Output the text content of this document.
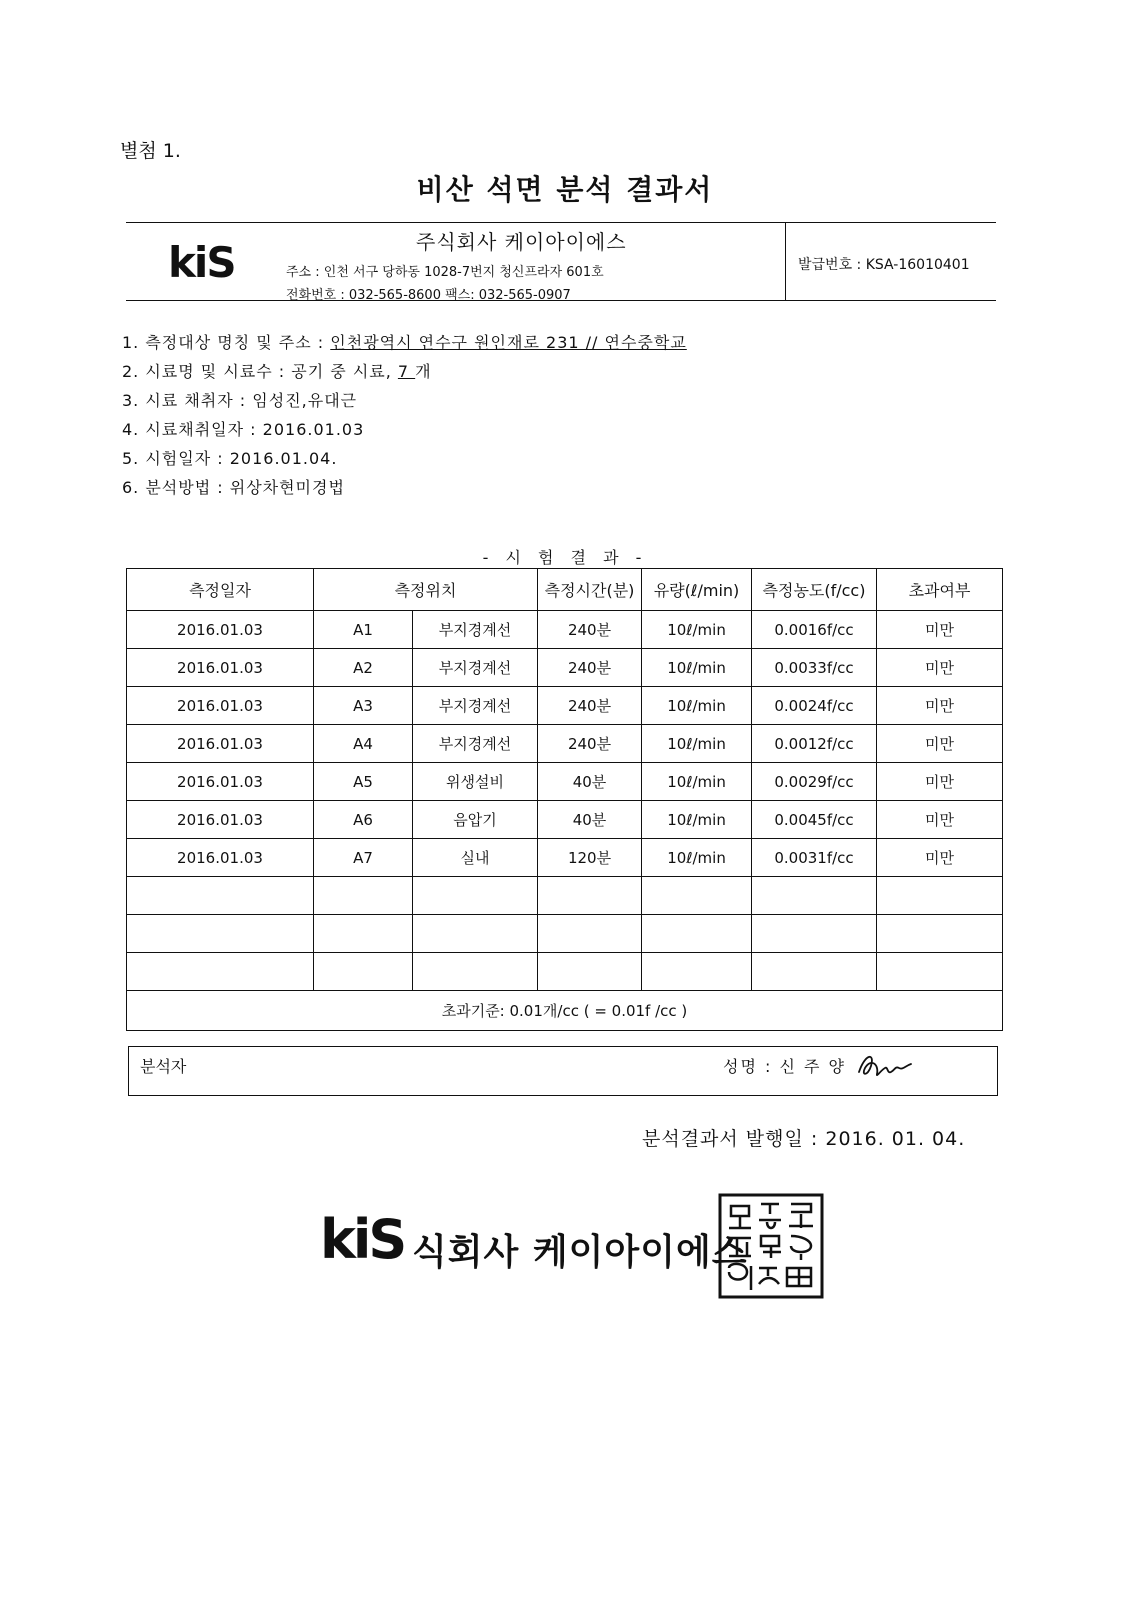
별첨 1.
비산 석면 분석 결과서
kiS	주식회사 케이아이에스
주소 : 인천 서구 당하동 1028-7번지 청신프라자 601호
전화번호 : 032-565-8600 팩스: 032-565-0907
발급번호 : KSA-16010401
1. 측정대상 명칭 및 주소 : 인천광역시 연수구 원인재로 231 // 연수중학교
2. 시료명 및 시료수 : 공기 중 시료, 7 개
3. 시료 채취자 : 임성진,유대근
4. 시료채취일자 : 2016.01.03
5. 시험일자 : 2016.01.04.
6. 분석방법 : 위상차현미경법
- 시 험 결 과 -
측정일자	측정위치		측정시간(분)	유량(ℓ/min)	측정농도(f/cc)	초과여부
2016.01.03	A1	부지경계선	240분	10ℓ/min	0.0016f/cc	미만
2016.01.03	A2	부지경계선	240분	10ℓ/min	0.0033f/cc	미만
2016.01.03	A3	부지경계선	240분	10ℓ/min	0.0024f/cc	미만
2016.01.03	A4	부지경계선	240분	10ℓ/min	0.0012f/cc	미만
2016.01.03	A5	위생설비	40분	10ℓ/min	0.0029f/cc	미만
2016.01.03	A6	음압기	40분	10ℓ/min	0.0045f/cc	미만
2016.01.03	A7	실내	120분	10ℓ/min	0.0031f/cc	미만

초과기준: 0.01개/cc ( = 0.01f /cc )						
분석자	성명 : 신 주 양
분석결과서 발행일 : 2016. 01. 04.
kiS 식회사 케이아이에스
